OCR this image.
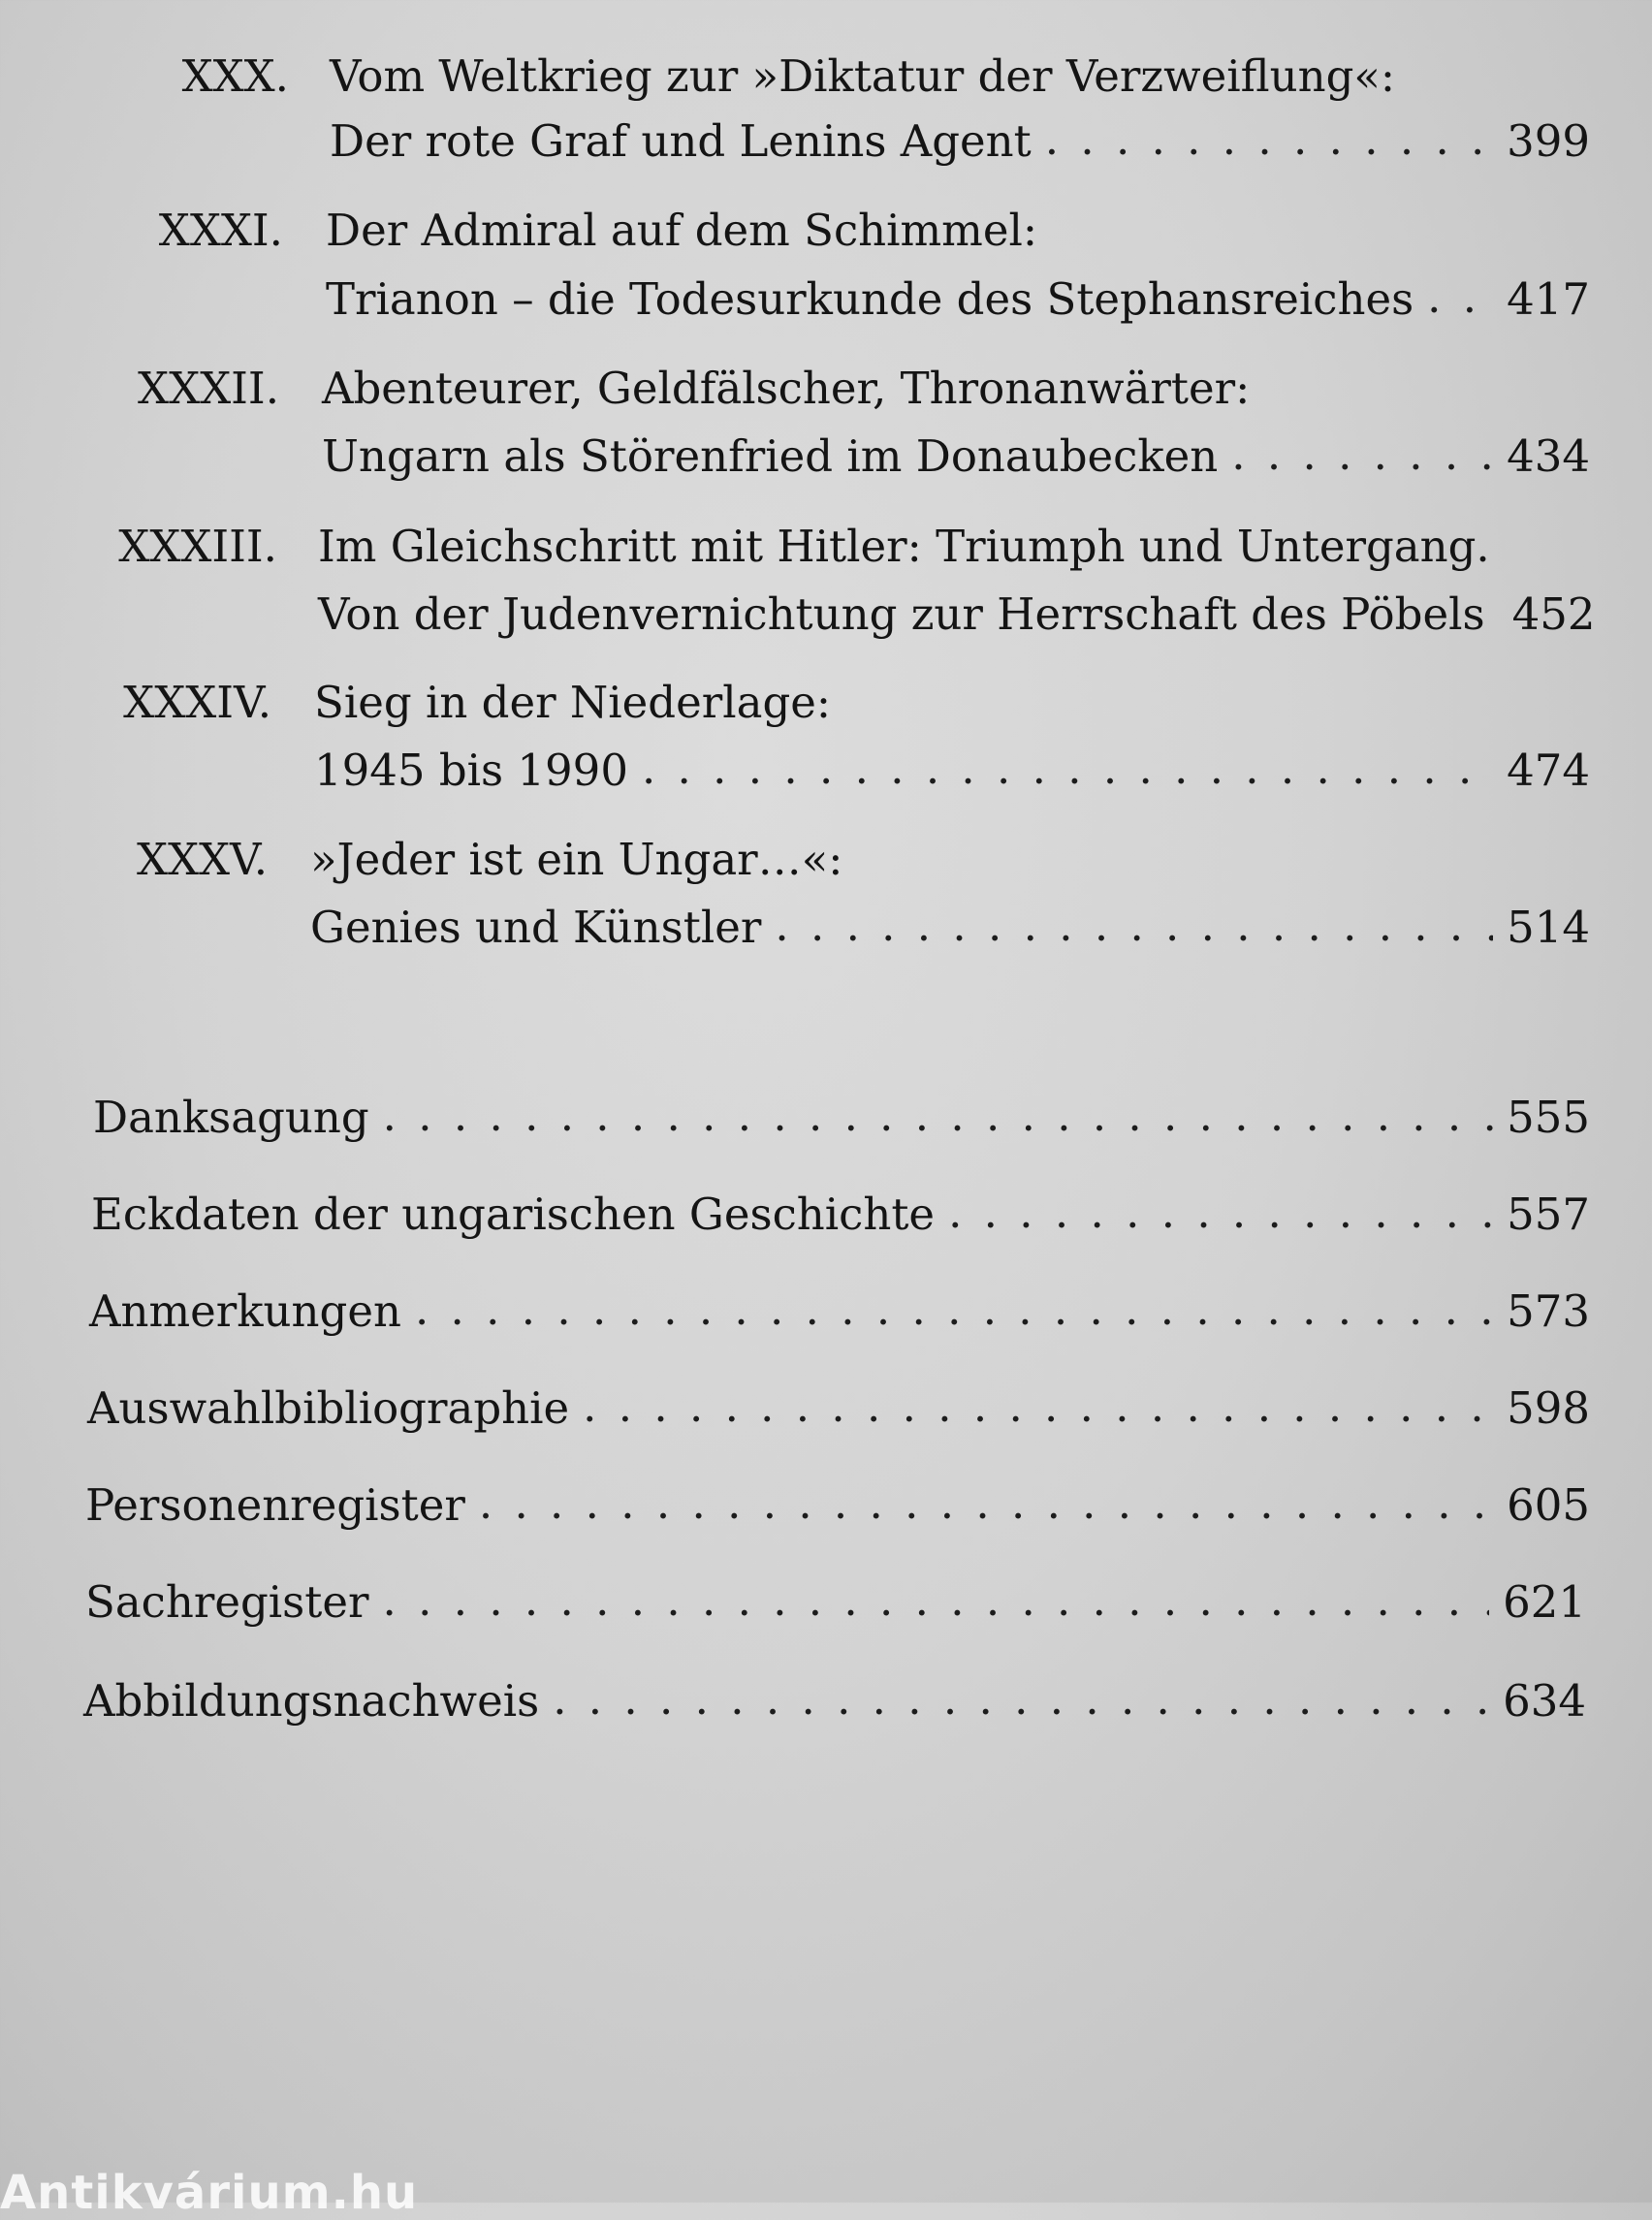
XXX. Vom Weltkrieg zur »Diktatur der Verzweiflung«:
Der rote Graf und Lenins Agent . . .	399
XXXI. Der Admiral auf dem Schimmel:
Trianon – die Todesurkunde des Stephansreiches . . . 417
XXXII. Abenteurer, Geldfälscher, Thronanwärter:
Ungarn als Störenfried im Donaubecken . . .	434
XXXIII. Im Gleichschritt mit Hitler: Triumph und Untergang.
Von der Judenvernichtung zur Herrschaft des Pöbels 452
XXXIV. Sieg in der Niederlage:
1945 bis 1990 . . .	474
XXXV. »Jeder ist ein Ungar…«:
Genies und Künstler . . .	514
Danksagung . . .	555
Eckdaten der ungarischen Geschichte . . .	557
Anmerkungen . . .	573
Auswahlbibliographie . . .	598
Personenregister . . .	605
Sachregister . . .	621
Abbildungsnachweis . . .	634
Antikvárium.hu
